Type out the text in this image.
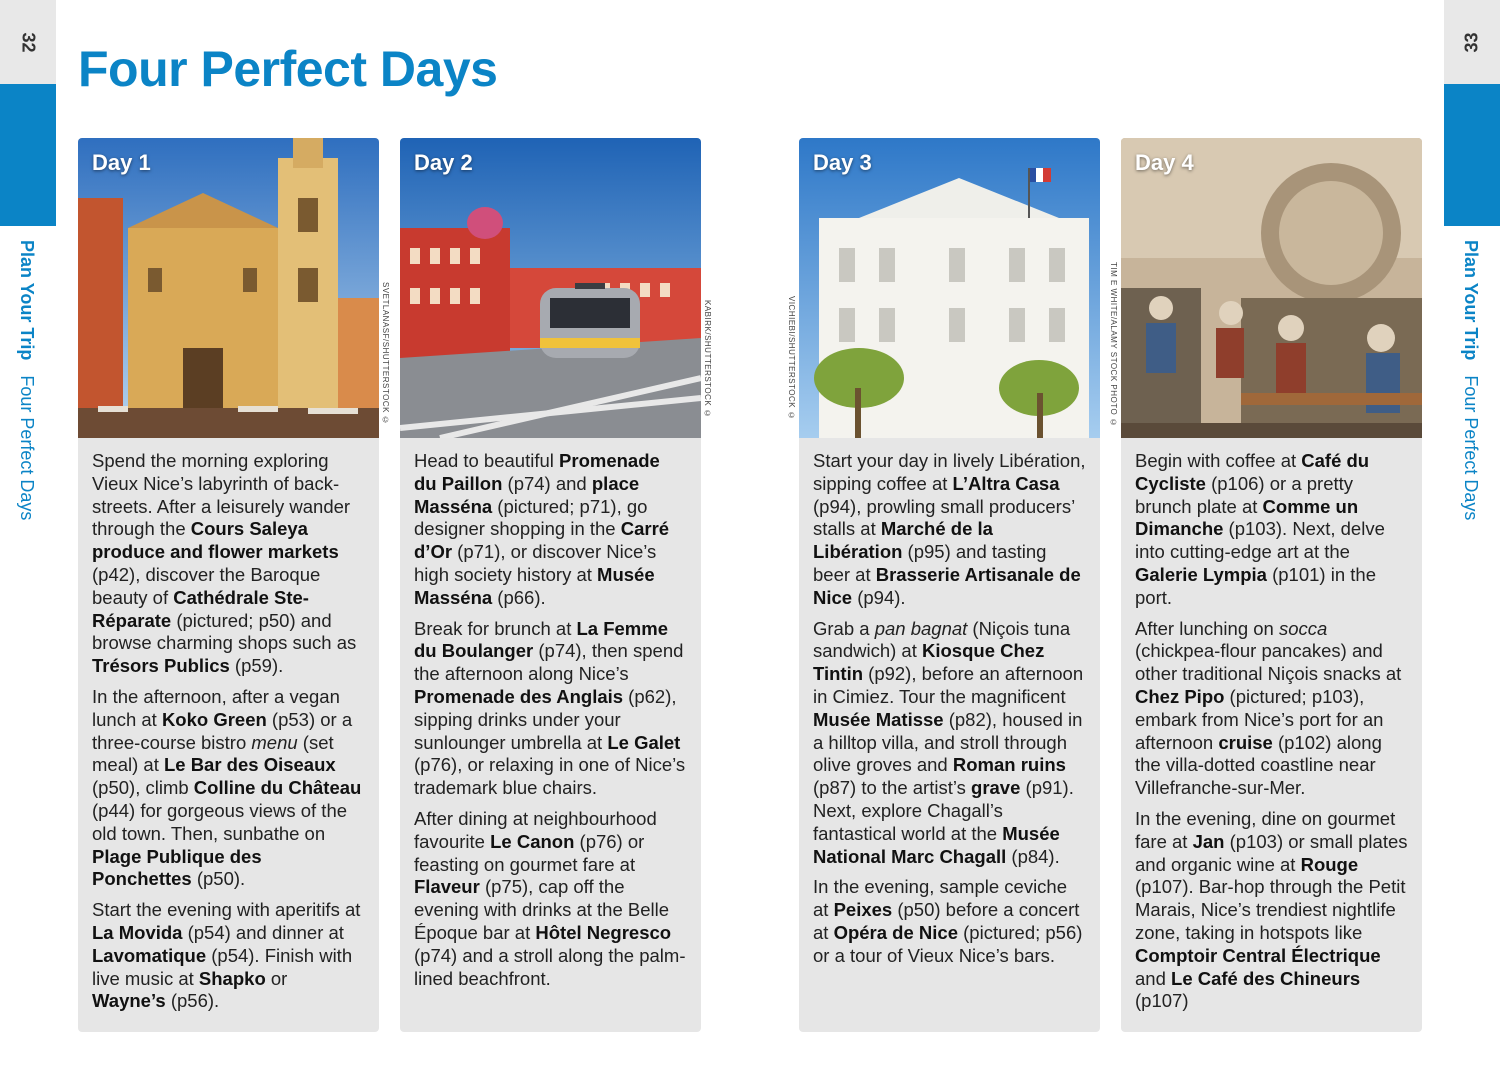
32
Plan Your Trip Four Perfect Days
33
Plan Your Trip Four Perfect Days
Four Perfect Days
Day 1

Spend the morning exploring Vieux Nice’s labyrinth of back-streets. After a leisurely wander through the Cours Saleya produce and flower markets (p42), discover the Baroque beauty of Cathédrale Ste-Réparate (pictured; p50) and browse charming shops such as Trésors Publics (p59).

In the afternoon, after a vegan lunch at Koko Green (p53) or a three-course bistro menu (set meal) at Le Bar des Oiseaux (p50), climb Colline du Château (p44) for gorgeous views of the old town. Then, sunbathe on Plage Publique des Ponchettes (p50).

Start the evening with aperitifs at La Movida (p54) and dinner at Lavomatique (p54). Finish with live music at Shapko or Wayne’s (p56).

SVETLANASF/SHUTTERSTOCK ©
Day 2

Head to beautiful Promenade du Paillon (p74) and place Masséna (pictured; p71), go designer shopping in the Carré d’Or (p71), or discover Nice’s high society history at Musée Masséna (p66).

Break for brunch at La Femme du Boulanger (p74), then spend the afternoon along Nice’s Promenade des Anglais (p62), sipping drinks under your sunlounger umbrella at Le Galet (p76), or relaxing in one of Nice’s trademark blue chairs.

After dining at neighbourhood favourite Le Canon (p76) or feasting on gourmet fare at Flaveur (p75), cap off the evening with drinks at the Belle Époque bar at Hôtel Negresco (p74) and a stroll along the palm-lined beachfront.

KABIRK/SHUTTERSTOCK ©	VICHIEBI/SHUTTERSTOCK ©
Day 3

Start your day in lively Libération, sipping coffee at L’Altra Casa (p94), prowling small producers’ stalls at Marché de la Libération (p95) and tasting beer at Brasserie Artisanale de Nice (p94).

Grab a pan bagnat (Niçois tuna sandwich) at Kiosque Chez Tintin (p92), before an afternoon in Cimiez. Tour the magnificent Musée Matisse (p82), housed in a hilltop villa, and stroll through olive groves and Roman ruins (p87) to the artist’s grave (p91). Next, explore Chagall’s fantastical world at the Musée National Marc Chagall (p84).

In the evening, sample ceviche at Peixes (p50) before a concert at Opéra de Nice (pictured; p56) or a tour of Vieux Nice’s bars.

TIM E WHITE/ALAMY STOCK PHOTO ©
Day 4

Begin with coffee at Café du Cycliste (p106) or a pretty brunch plate at Comme un Dimanche (p103). Next, delve into cutting-edge art at the Galerie Lympia (p101) in the port.

After lunching on socca (chickpea-flour pancakes) and other traditional Niçois snacks at Chez Pipo (pictured; p103), embark from Nice’s port for an afternoon cruise (p102) along the villa-dotted coastline near Villefranche-sur-Mer.

In the evening, dine on gourmet fare at Jan (p103) or small plates and organic wine at Rouge (p107). Bar-hop through the Petit Marais, Nice’s trendiest nightlife zone, taking in hotspots like Comptoir Central Électrique and Le Café des Chineurs (p107)
